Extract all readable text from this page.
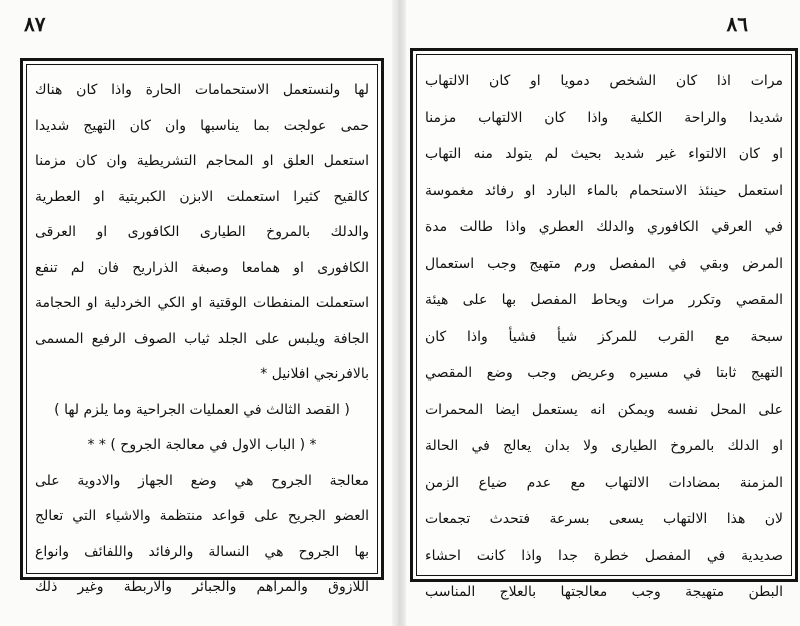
٨٧
لها ولنستعمل الاستحمامات الحارة واذا كان هناك
حمى عولجت بما يناسبها وان كان التهيج شديدا
استعمل العلق او المحاجم التشريطية وان كان مزمنا
كالقيح كثيرا استعملت الابزن الكبريتية او العطرية
والدلك بالمروخ الطيارى الكافورى او العرقى
الكافورى او همامعا وصبغة الذراريح فان لم تنفع
استعملت المنفطات الوقتية او الكي الخردلية او الحجامة
الجافة ويلبس على الجلد ثياب الصوف الرفيع المسمى
بالافرنجي افلانيل *
( القصد الثالث في العمليات الجراحية وما يلزم لها )
* ( الباب الاول في معالجة الجروح ) * *
معالجة الجروح هي وضع الجهاز والادوية على
العضو الجريح على قواعد منتظمة والاشياء التي تعالج
بها الجروح هي النسالة والرفائد واللفائف وانواع
اللازوق والمراهم والجبائر والاربطة وغير ذلك
٨٦
مرات اذا كان الشخص دمويا او كان الالتهاب
شديدا والراحة الكلية واذا كان الالتهاب مزمنا
او كان الالتواء غير شديد بحيث لم يتولد منه التهاب
استعمل حينئذ الاستحمام بالماء البارد او رفائد مغموسة
في العرقي الكافوري والدلك العطري واذا طالت مدة
المرض وبقي في المفصل ورم متهيج وجب استعمال
المقصي وتكرر مرات ويحاط المفصل بها على هيئة
سبحة مع القرب للمركز شيأ فشيأ واذا كان
التهيج ثابتا في مسيره وعريض وجب وضع المقصي
على المحل نفسه ويمكن انه يستعمل ايضا المحمرات
او الدلك بالمروخ الطيارى ولا بدان يعالج في الحالة
المزمنة بمضادات الالتهاب مع عدم ضياع الزمن
لان هذا الالتهاب يسعى بسرعة فتحدث تجمعات
صديدية في المفصل خطرة جدا واذا كانت احشاء
البطن متهيجة وجب معالجتها بالعلاج المناسب
